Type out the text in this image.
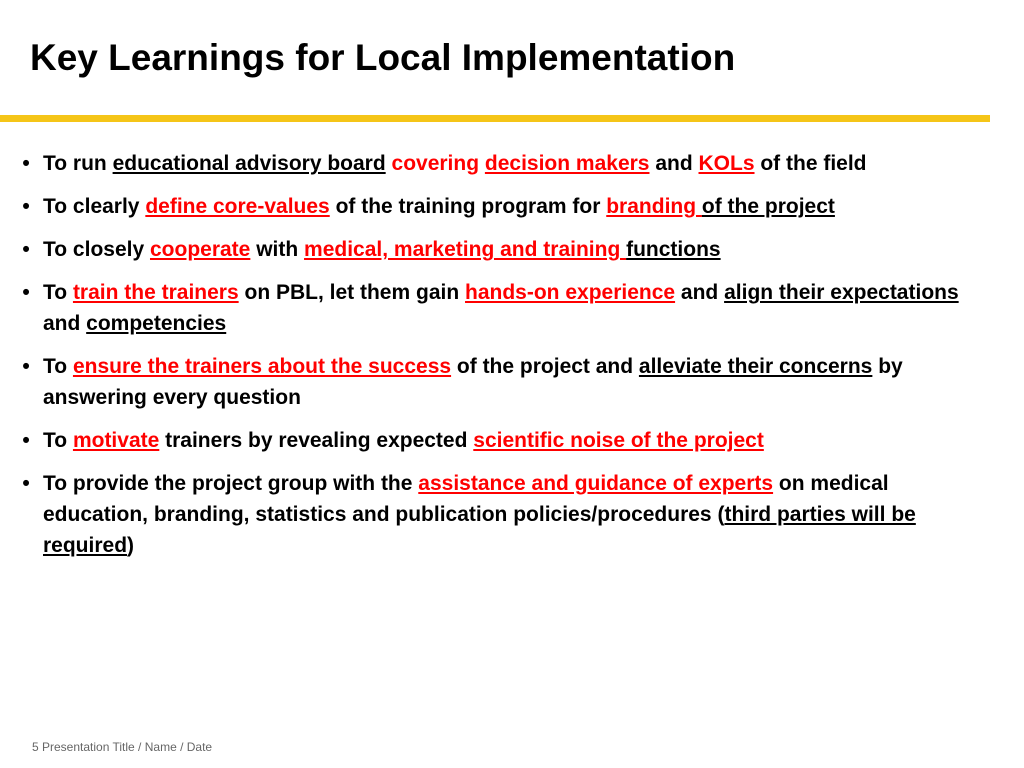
Key Learnings for Local Implementation
• To run educational advisory board covering decision makers and KOLs of the field
• To clearly define core-values of the training program for branding of the project
• To closely cooperate with medical, marketing and training functions
• To train the trainers on PBL, let them gain hands-on experience and align their expectations and competencies
• To ensure the trainers about the success of the project and alleviate their concerns by answering every question
• To motivate trainers by revealing expected scientific noise of the project
• To provide the project group with the assistance and guidance of experts on medical education, branding, statistics and publication policies/procedures (third parties will be required)
5 Presentation Title / Name / Date
